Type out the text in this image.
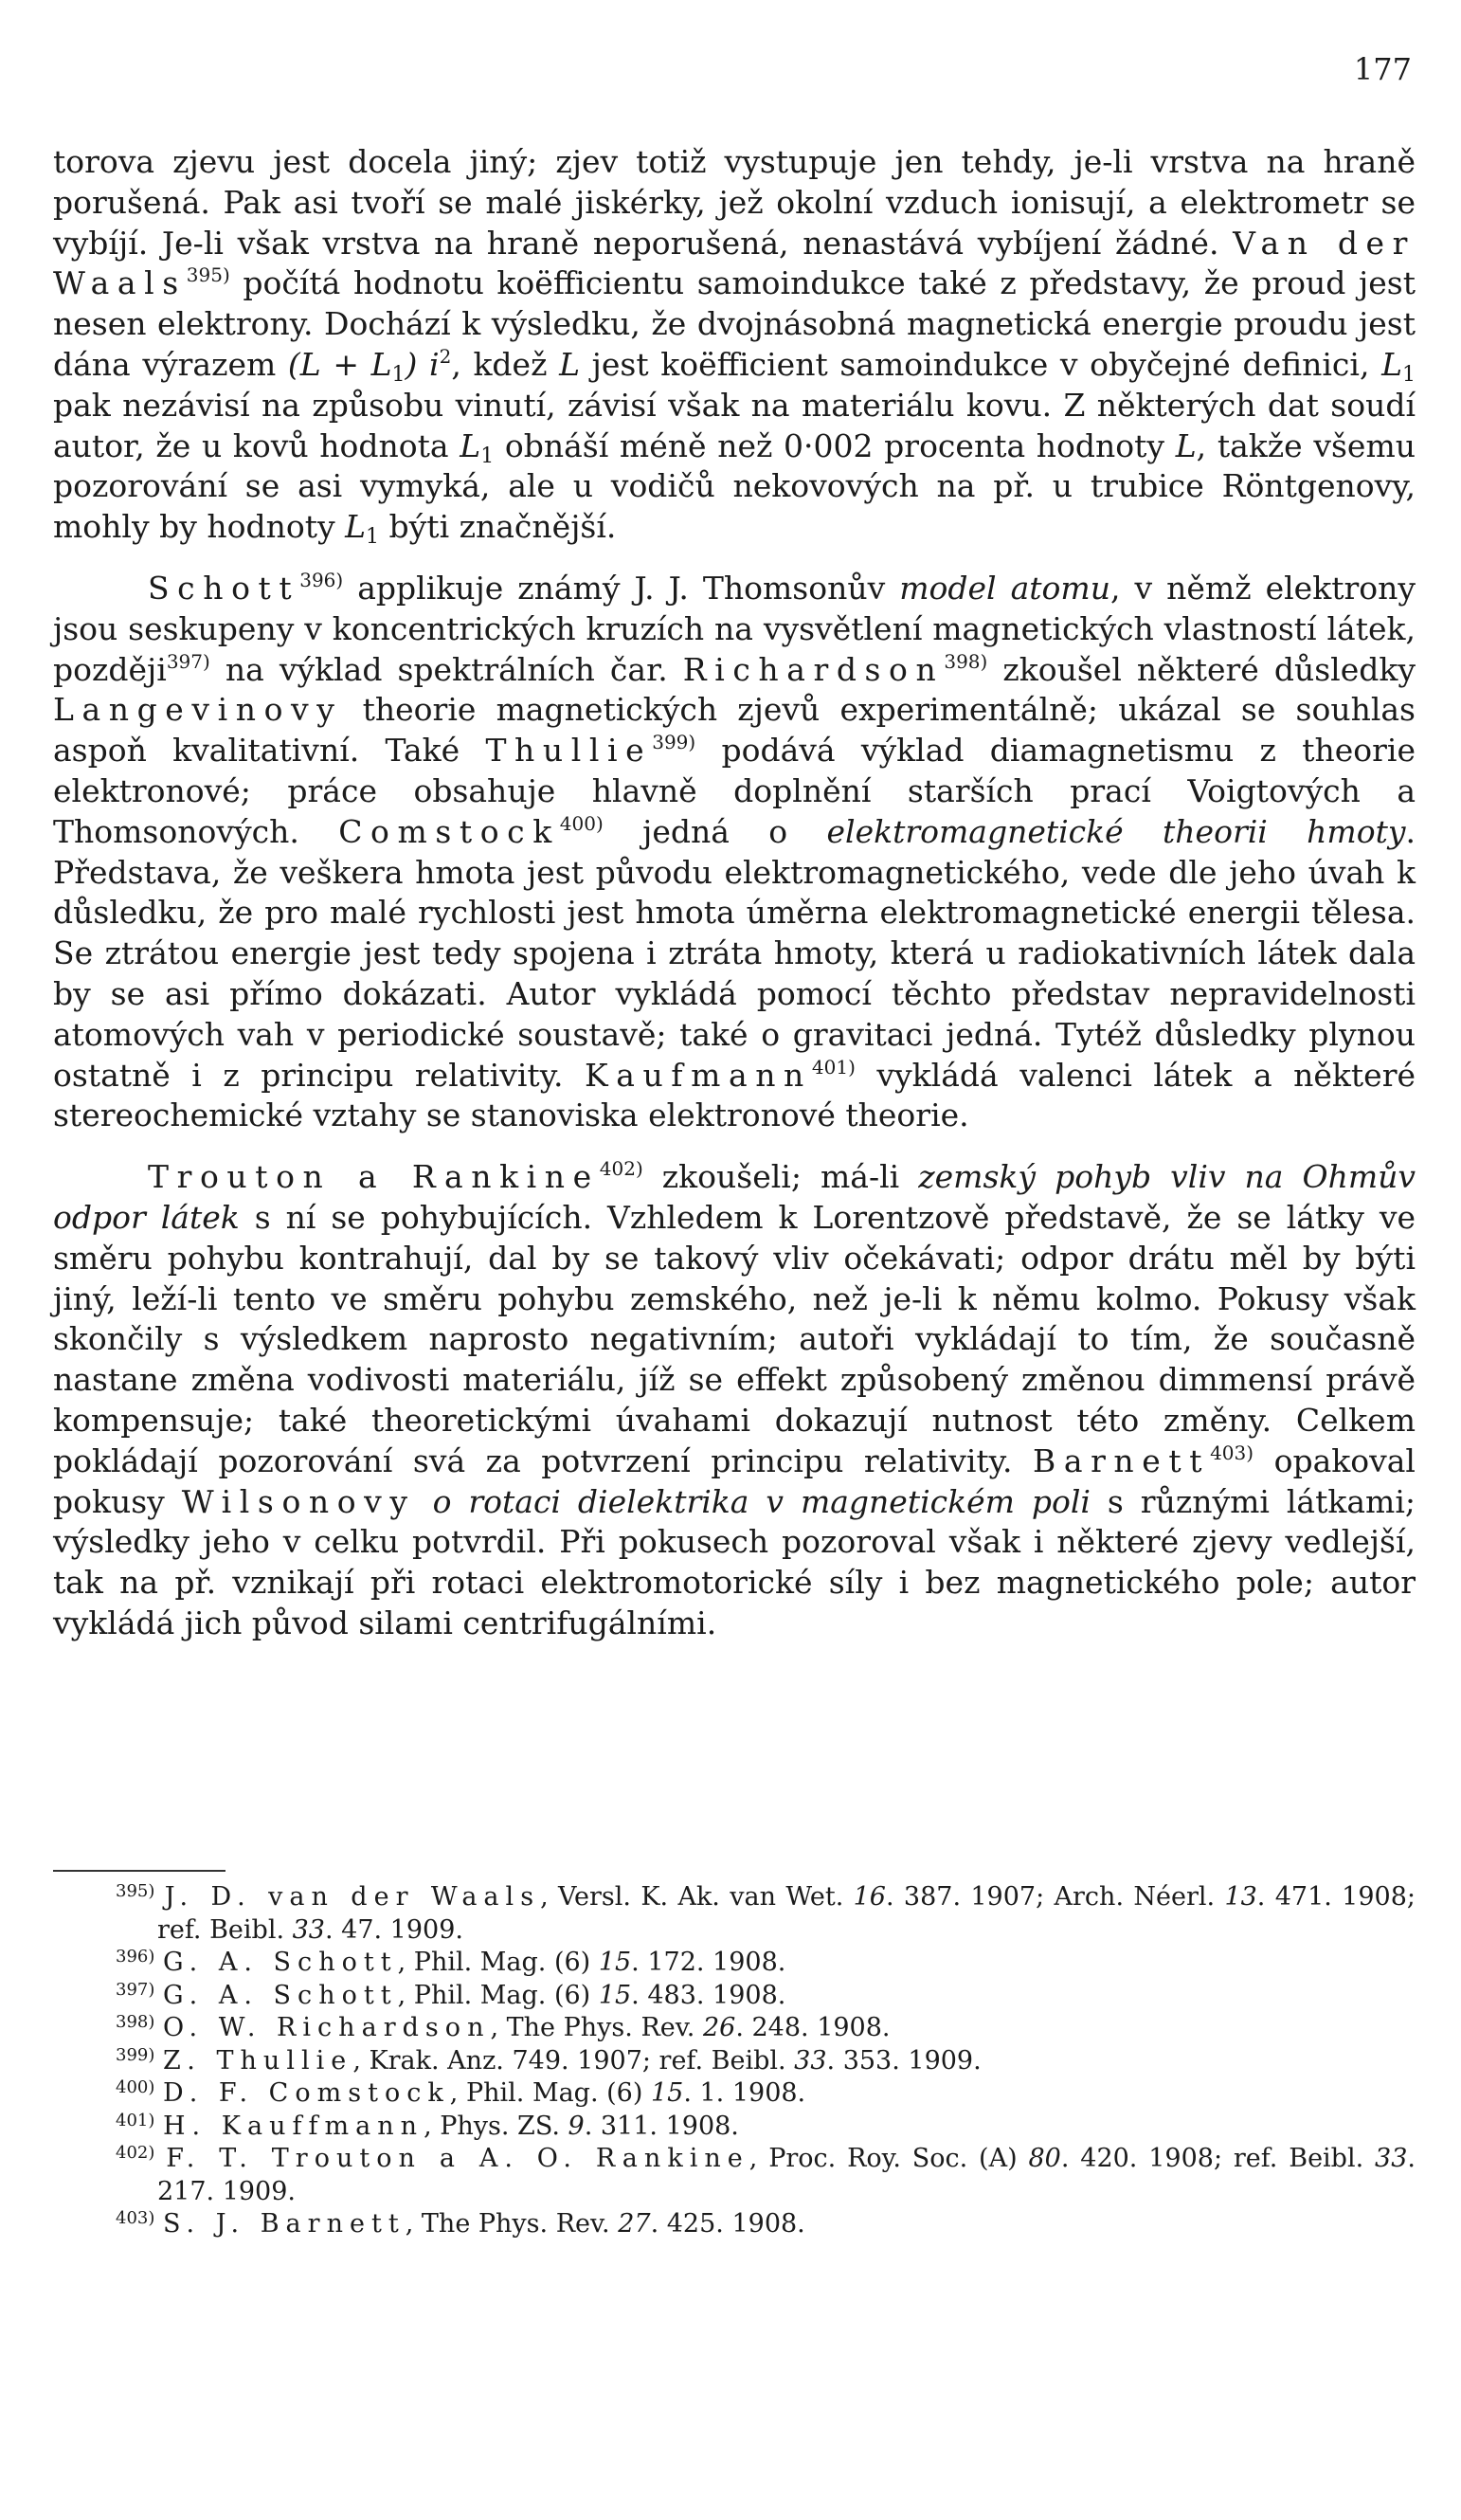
177

torova zjevu jest docela jiný; zjev totiž vystupuje jen tehdy, je-li vrstva na hraně porušená. Pak asi tvoří se malé jiskérky, jež okolní vzduch ionisují, a elektrometr se vybíjí. Je-li však vrstva na hraně neporušená, nenastává vybíjení žádné. Van der Waals$^{395)}$ počítá hodnotu koëfficientu samoindukce také z představy, že proud jest nesen elektrony. Dochází k výsledku, že dvojnásobná magnetická energie proudu jest dána výrazem $(L + L_1)$ $i^2$, kdež L jest koëfficient samoindukce v obyčejné definici, $L_1$ pak nezávisí na způsobu vinutí, závisí však na materiálu kovu. Z některých dat soudí autor, že u kovů hodnota $L_1$ obnáší méně než 0·002 procenta hodnoty L, takže všemu pozorování se asi vymyká, ale u vodičů nekovových na př. u trubice Röntgenovy, mohly by hodnoty $L_1$ býti značnější.

Schott$^{396)}$ applikuje známý J. J. Thomsonův model atomu, v němž elektrony jsou seskupeny v koncentrických kruzích na vysvětlení magnetických vlastností látek, později$^{397)}$ na výklad spektrálních čar. Richardson$^{398)}$ zkoušel některé důsledky Langevinovy theorie magnetických zjevů experimentálně; ukázal se souhlas aspoň kvalitativní. Také Thullie$^{399)}$ podává výklad diamagnetismu z theorie elektronové; práce obsahuje hlavně doplnění starších prací Voigtových a Thomsonových. Comstock$^{400)}$ jedná o elektromagnetické theorii hmoty. Představa, že veškera hmota jest původu elektromagnetického, vede dle jeho úvah k důsledku, že pro malé rychlosti jest hmota úměrna elektromagnetické energii tělesa. Se ztrátou energie jest tedy spojena i ztráta hmoty, která u radiokativních látek dala by se asi přímo dokázati. Autor vykládá pomocí těchto představ nepravidelnosti atomových vah v periodické soustavě; také o gravitaci jedná. Tytéž důsledky plynou ostatně i z principu relativity. Kaufmann$^{401)}$ vykládá valenci látek a některé stereochemické vztahy se stanoviska elektronové theorie.

Trouton a Rankine$^{402)}$ zkoušeli; má-li zemský pohyb vliv na Ohmův odpor látek s ní se pohybujících. Vzhledem k Lorentzově představě, že se látky ve směru pohybu kontrahují, dal by se takový vliv očekávati; odpor drátu měl by býti jiný, leží-li tento ve směru pohybu zemského, než je-li k němu kolmo. Pokusy však skončily s výsledkem naprosto negativním; autoři vykládají to tím, že současně nastane změna vodivosti materiálu, jíž se effekt způsobený změnou dimmensí právě kompensuje; také theoretickými úvahami dokazují nutnost této změny. Celkem pokládají pozorování svá za potvrzení principu relativity. Barnett$^{403)}$ opakoval pokusy Wilsonovy o rotaci dielektrika v magnetickém poli s různými látkami; výsledky jeho v celku potvrdil. Při pokusech pozoroval však i některé zjevy vedlejší, tak na př. vznikají při rotaci elektromotorické síly i bez magnetického pole; autor vykládá jich původ silami centrifugálními.

$^{395)}$ J. D. van der Waals, Versl. K. Ak. van Wet. 16. 387. 1907; Arch. Néerl. 13. 471. 1908; ref. Beibl. 33. 47. 1909.

$^{396)}$ G. A. Schott, Phil. Mag. (6) 15. 172. 1908.

$^{397)}$ G. A. Schott, Phil. Mag. (6) 15. 483. 1908.

$^{398)}$ O. W. Richardson, The Phys. Rev. 26. 248. 1908.

$^{399)}$ Z. Thullie, Krak. Anz. 749. 1907; ref. Beibl. 33. 353. 1909.

$^{400)}$ D. F. Comstock, Phil. Mag. (6) 15. 1. 1908.

$^{401)}$ H. Kauffmann, Phys. ZS. 9. 311. 1908.

$^{402)}$ F. T. Trouton a A. O. Rankine, Proc. Roy. Soc. (A) 80. 420. 1908; ref. Beibl. 33. 217. 1909.

$^{403)}$ S. J. Barnett, The Phys. Rev. 27. 425. 1908.
